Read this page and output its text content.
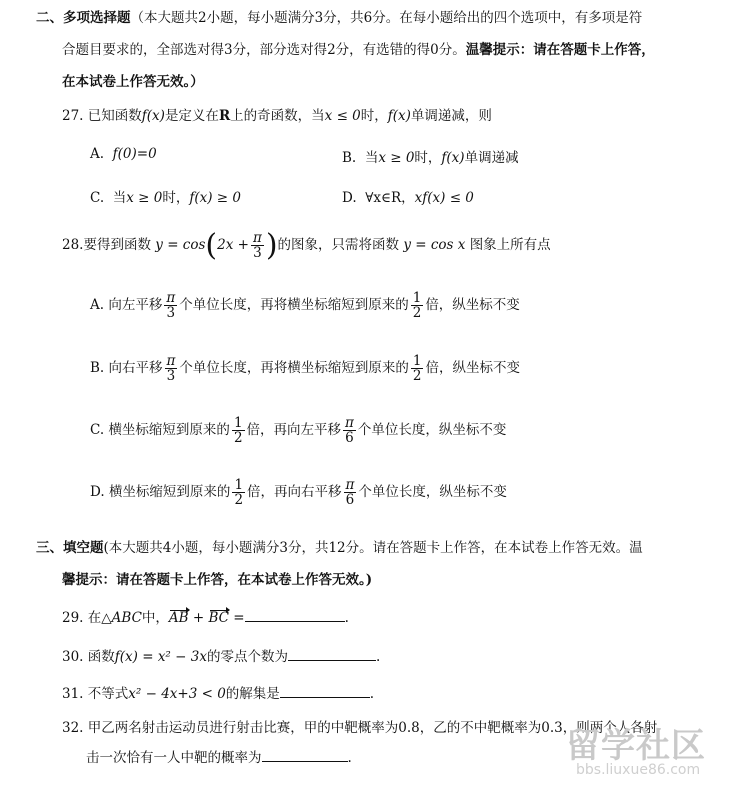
二、多项选择题（本大题共2小题，每小题满分3分，共6分。在每小题给出的四个选项中，有多项是符
合题目要求的，全部选对得3分，部分选对得2分，有选错的得0分。温馨提示：请在答题卡上作答，
在本试卷上作答无效。）
27. 已知函数f(x)是定义在R上的奇函数，当x ≤ 0时，f(x)单调递减，则
A. f(0)=0	B. 当x ≥ 0时，f(x)单调递减
C. 当x ≥ 0时，f(x) ≥ 0	D. ∀x∈R，xf(x) ≤ 0
28.要得到函数 $y = \cos(2x + \frac{\pi}{3}$ )的图象，只需将函数 y = cos x 图象上所有点
A. 向左平移 $\frac{\pi}{3}$ 个单位长度，再将横坐标缩短到原来的 $\frac{1}{2}$ 倍，纵坐标不变
B. 向右平移 $\frac{\pi}{3}$ 个单位长度，再将横坐标缩短到原来的 $\frac{1}{2}$ 倍，纵坐标不变
C. 横坐标缩短到原来的 $\frac{1}{2}$ 倍，再向左平移 $\frac{\pi}{6}$ 个单位长度，纵坐标不变
D. 横坐标缩短到原来的 $\frac{1}{2}$ 倍，再向右平移 $\frac{\pi}{6}$ 个单位长度，纵坐标不变
三、填空题(本大题共4小题，每小题满分3分，共12分。请在答题卡上作答，在本试卷上作答无效。温
馨提示：请在答题卡上作答，在本试卷上作答无效。)
29. 在△ABC中，AB + BC =	.
30. 函数f(x) = x² − 3x的零点个数为	.
31. 不等式x² − 4x+3 < 0的解集是	.
32. 甲乙两名射击运动员进行射击比赛，甲的中靶概率为0.8，乙的不中靶概率为0.3，则两个人各射
击一次恰有一人中靶的概率为	.	留学社区
bbs.liuxue86.com
